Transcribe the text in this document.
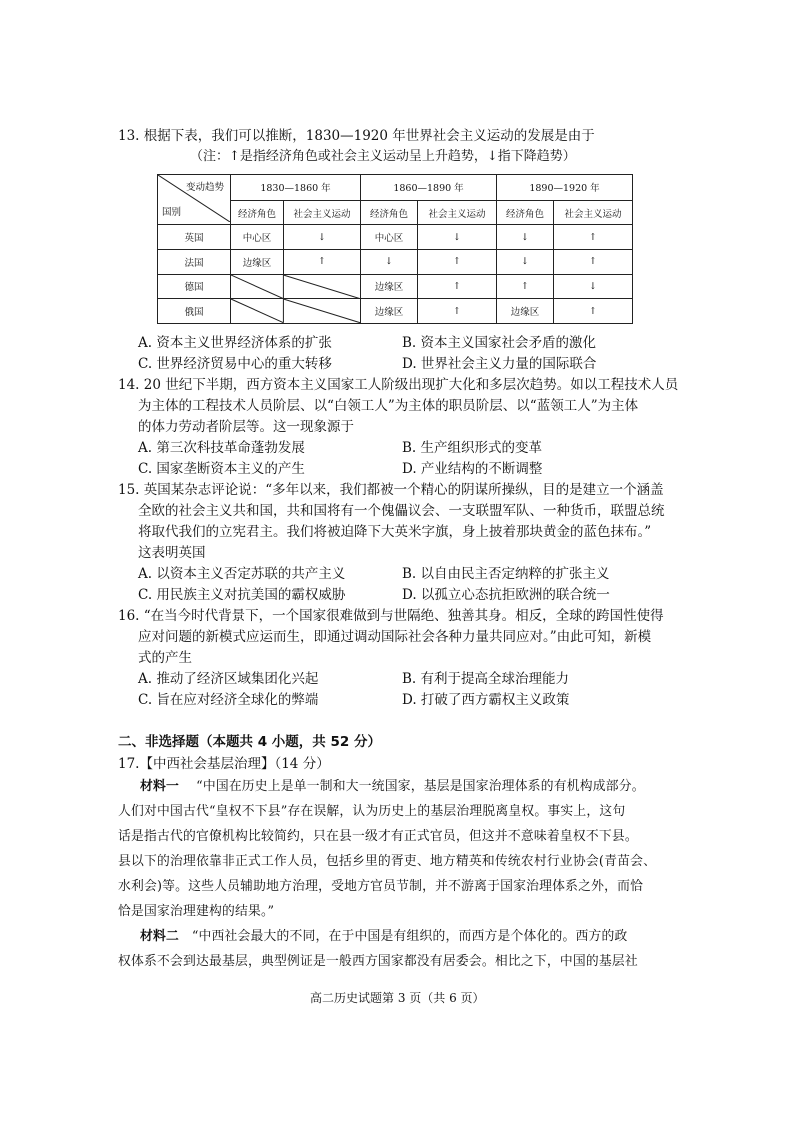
13. 根据下表，我们可以推断，1830—1920 年世界社会主义运动的发展是由于
（注：↑是指经济角色或社会主义运动呈上升趋势，↓指下降趋势）
变动趋势
国别	1830—1860 年		1860—1890 年		1890—1920 年	
	经济角色	社会主义运动	经济角色	社会主义运动	经济角色	社会主义运动
英国	中心区	↓	中心区	↓	↓	↑
法国	边缘区	↑	↓	↑	↓	↑
德国			边缘区	↑	↑	↓
俄国			边缘区	↑	边缘区	↑
A. 资本主义世界经济体系的扩张	B. 资本主义国家社会矛盾的激化
C. 世界经济贸易中心的重大转移	D. 世界社会主义力量的国际联合
14. 20 世纪下半期，西方资本主义国家工人阶级出现扩大化和多层次趋势。如以工程技术人员
为主体的工程技术人员阶层、以“白领工人”为主体的职员阶层、以“蓝领工人”为主体
的体力劳动者阶层等。这一现象源于
A. 第三次科技革命蓬勃发展	B. 生产组织形式的变革
C. 国家垄断资本主义的产生	D. 产业结构的不断调整
15. 英国某杂志评论说：“多年以来，我们都被一个精心的阴谋所操纵，目的是建立一个涵盖
全欧的社会主义共和国，共和国将有一个傀儡议会、一支联盟军队、一种货币，联盟总统
将取代我们的立宪君主。我们将被迫降下大英米字旗，身上披着那块黄金的蓝色抹布。”
这表明英国
A. 以资本主义否定苏联的共产主义	B. 以自由民主否定纳粹的扩张主义
C. 用民族主义对抗美国的霸权威胁	D. 以孤立心态抗拒欧洲的联合统一
16. “在当今时代背景下，一个国家很难做到与世隔绝、独善其身。相反，全球的跨国性使得
应对问题的新模式应运而生，即通过调动国际社会各种力量共同应对。”由此可知，新模
式的产生
A. 推动了经济区域集团化兴起	B. 有利于提高全球治理能力
C. 旨在应对经济全球化的弊端	D. 打破了西方霸权主义政策
二、非选择题（本题共 4 小题，共 52 分）
17.【中西社会基层治理】（14 分）
材料一 “中国在历史上是单一制和大一统国家，基层是国家治理体系的有机构成部分。
人们对中国古代“皇权不下县”存在误解，认为历史上的基层治理脱离皇权。事实上，这句
话是指古代的官僚机构比较简约，只在县一级才有正式官员，但这并不意味着皇权不下县。
县以下的治理依靠非正式工作人员，包括乡里的胥吏、地方精英和传统农村行业协会(青苗会、
水利会)等。这些人员辅助地方治理，受地方官员节制，并不游离于国家治理体系之外，而恰
恰是国家治理建构的结果。”
材料二 “中西社会最大的不同，在于中国是有组织的，而西方是个体化的。西方的政
权体系不会到达最基层，典型例证是一般西方国家都没有居委会。相比之下，中国的基层社
高二历史试题第 3 页（共 6 页）
